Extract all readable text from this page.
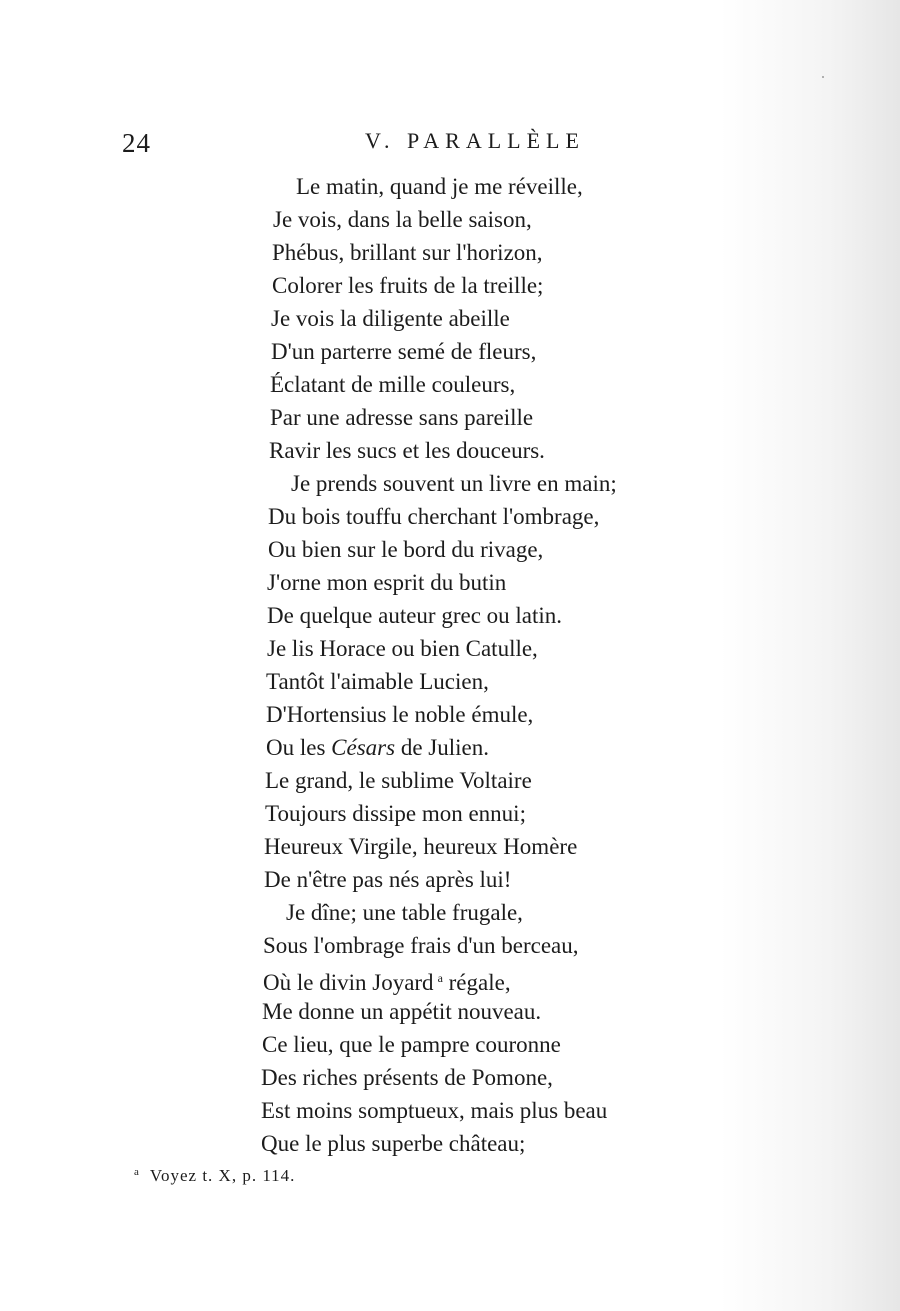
24	V. PARALLÈLE
Le matin, quand je me réveille,
Je vois, dans la belle saison,
Phébus, brillant sur l'horizon,
Colorer les fruits de la treille;
Je vois la diligente abeille
D'un parterre semé de fleurs,
Éclatant de mille couleurs,
Par une adresse sans pareille
Ravir les sucs et les douceurs.
Je prends souvent un livre en main;
Du bois touffu cherchant l'ombrage,
Ou bien sur le bord du rivage,
J'orne mon esprit du butin
De quelque auteur grec ou latin.
Je lis Horace ou bien Catulle,
Tantôt l'aimable Lucien,
D'Hortensius le noble émule,
Ou les Césars de Julien.
Le grand, le sublime Voltaire
Toujours dissipe mon ennui;
Heureux Virgile, heureux Homère
De n'être pas nés après lui!
Je dîne; une table frugale,
Sous l'ombrage frais d'un berceau,
Où le divin Joyard $^a$ régale,
Me donne un appétit nouveau.
Ce lieu, que le pampre couronne
Des riches présents de Pomone,
Est moins somptueux, mais plus beau
Que le plus superbe château;
$^a$ Voyez t. X, p. 114.
